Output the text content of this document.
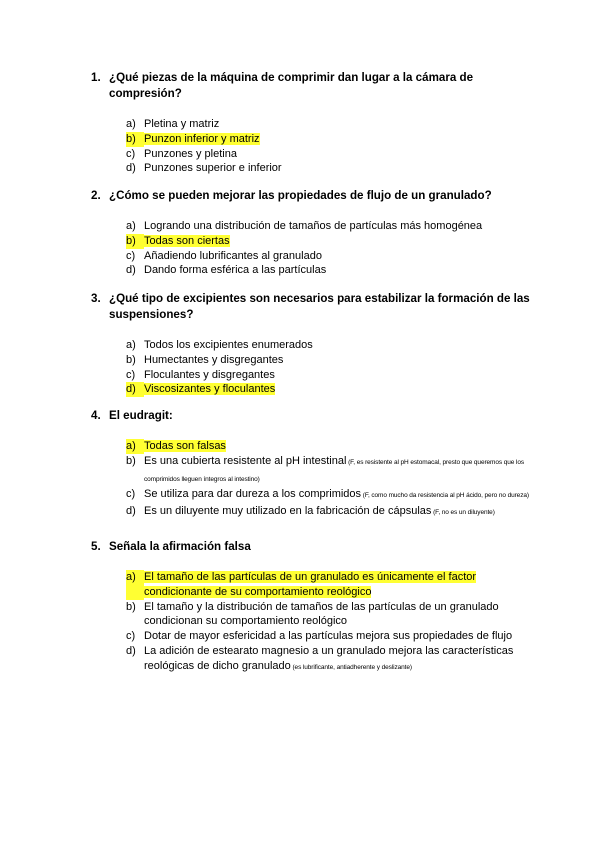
1. ¿Qué piezas de la máquina de comprimir dan lugar a la cámara de compresión?
a) Pletina y matriz
b) Punzon inferior y matriz
c) Punzones y pletina
d) Punzones superior e inferior
2. ¿Cómo se pueden mejorar las propiedades de flujo de un granulado?
a) Logrando una distribución de tamaños de partículas más homogénea
b) Todas son ciertas
c) Añadiendo lubrificantes al granulado
d) Dando forma esférica a las partículas
3. ¿Qué tipo de excipientes son necesarios para estabilizar la formación de las suspensiones?
a) Todos los excipientes enumerados
b) Humectantes y disgregantes
c) Floculantes y disgregantes
d) Viscosizantes y floculantes
4. El eudragit:
a) Todas son falsas
b) Es una cubierta resistente al pH intestinal (F, es resistente al pH estomacal, presto que queremos que los comprimidos lleguen íntegros al intestino)
c) Se utiliza para dar dureza a los comprimidos (F, como mucho da resistencia al pH ácido, pero no dureza)
d) Es un diluyente muy utilizado en la fabricación de cápsulas (F, no es un diluyente)
5. Señala la afirmación falsa
a) El tamaño de las partículas de un granulado es únicamente el factor condicionante de su comportamiento reológico
b) El tamaño y la distribución de tamaños de las partículas de un granulado condicionan su comportamiento reológico
c) Dotar de mayor esfericidad a las partículas mejora sus propiedades de flujo
d) La adición de estearato magnesio a un granulado mejora las características reológicas de dicho granulado (es lubrificante, antiadherente y deslizante)
